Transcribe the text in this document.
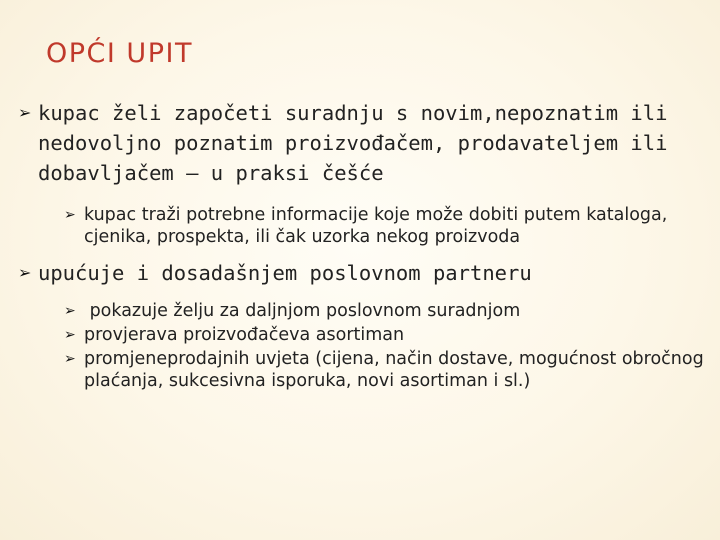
OPĆI UPIT
➢ kupac želi započeti suradnju s novim,nepoznatim ili nedovoljno poznatim proizvođačem, prodavateljem ili dobavljačem – u praksi češće
➢ kupac traži potrebne informacije koje može dobiti putem kataloga, cjenika, prospekta, ili čak uzorka nekog proizvoda
➢ upućuje i dosadašnjem poslovnom partneru
➢ pokazuje želju za daljnjom poslovnom suradnjom
➢ provjerava proizvođačeva asortiman
➢ promjeneprodajnih uvjeta (cijena, način dostave, mogućnost obročnog plaćanja, sukcesivna isporuka, novi asortiman i sl.)
